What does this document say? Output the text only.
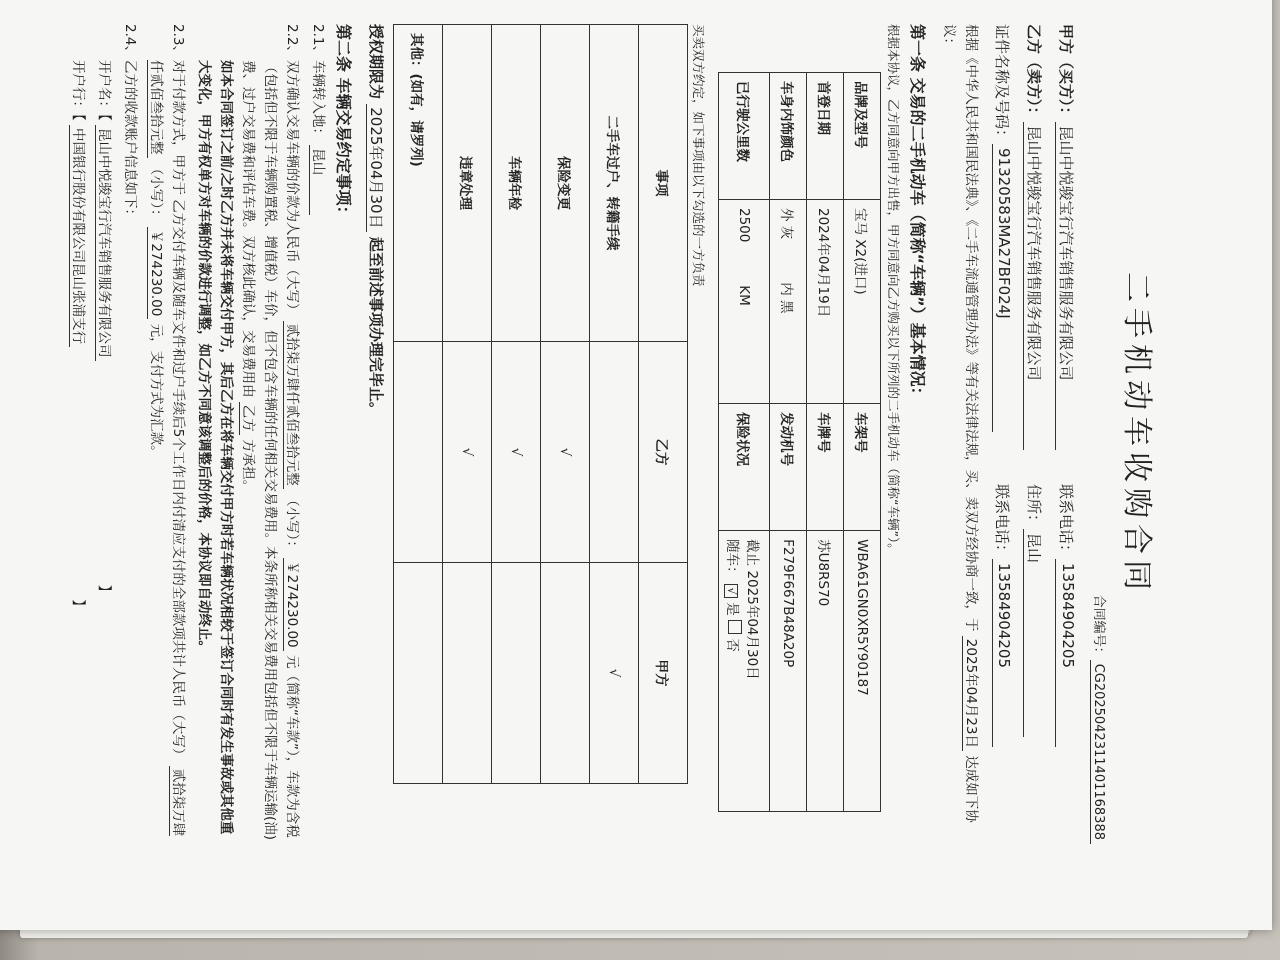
二手机动车收购合同
合同编号：CG2025042311401168388
甲方（买方）：
昆山中悦骏宝行汽车销售服务有限公司
联系电话：
13584904205
乙方（卖方）：
昆山中悦骏宝行汽车销售服务有限公司
住所：
昆山
证件名称及号码：
91320583MA27BF024J
联系电话：
13584904205
根据《中华人民共和国民法典》、《二手车流通管理办法》等有关法律法规，买、卖双方经协商一致，于 2025年04月23日 达成如下协议：
第一条 交易的二手机动车（简称“车辆”）基本情况：
根据本协议，乙方同意向甲方出售，甲方同意向乙方购买以下所列的二手机动车（简称“车辆”）。
品牌及型号	宝马 X2(进口)	车架号	WBA61GN0XR5Y90187
首登日期	2024年04月19日	车牌号	苏U8RS70
车身内饰颜色	外 灰          内 黑	发动机号	F279F667B48A20P
已行驶公里数	2500          KM	保险状况	截止 2025年04月30日
随车： √ 是  否
买卖双方约定，如下事项由以下勾选的一方负责
事项	乙方	甲方
二手车过户、转籍手续		√
保险变更	√	
车辆年检	√	
违章处理	√	
其他：(如有，请罗列)		
授权期限为 2025年04月30日 起至前述事项办理完毕止。
第二条 车辆交易约定事项：
2.1、
车辆转入地： 昆山
2.2、
双方确认交易车辆的价款为人民币（大写） 贰拾柒万肆仟贰佰叁拾元整 （小写）： ￥274230.00 元（简称“车款”），车款为含税（包括但不限于车辆购置税、增值税）车价，但不包含车辆的任何相关交易费用。本条所称相关交易费用包括但不限于车辆运输(油)费、过户交易费和评估车费。双方核此确认，交易费用由 乙方 方承担。
如本合同签订之前/之时乙方并未将车辆交付甲方，其后乙方在将车辆交付甲方时若车辆状况相较于签订合同时有发生事故或其他重大变化，甲方有权单方对车辆的价款进行调整，如乙方不同意该调整后的价格，本协议即自动终止。
2.3、
对于付款方式，甲方于 乙方交付车辆及随车文件和过户手续后5个工作日内付清应支付的全部款项共计人民币（大写） 贰拾柒万肆仟贰佰叁拾元整 （小写）： ￥274230.00 元，支付方式为汇款。
2.4、
乙方的收款账户信息如下：
开户名：【 昆山中悦骏宝行汽车销售服务有限公司 】
开户行：【 中国银行股份有限公司昆山张浦支行 】
